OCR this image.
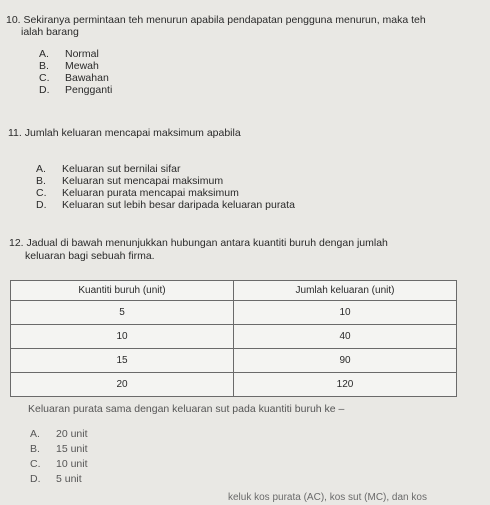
10. Sekiranya permintaan teh menurun apabila pendapatan pengguna menurun, maka teh
ialah barang
A. Normal
B. Mewah
C. Bawahan
D. Pengganti
11. Jumlah keluaran mencapai maksimum apabila
A. Keluaran sut bernilai sifar
B. Keluaran sut mencapai maksimum
C. Keluaran purata mencapai maksimum
D. Keluaran sut lebih besar daripada keluaran purata
12. Jadual di bawah menunjukkan hubungan antara kuantiti buruh dengan jumlah
keluaran bagi sebuah firma.
Kuantiti buruh (unit)	Jumlah keluaran (unit)
5	10
10	40
15	90
20	120
Keluaran purata sama dengan keluaran sut pada kuantiti buruh ke –
A. 20 unit
B. 15 unit
C. 10 unit
D. 5 unit
keluk kos purata (AC), kos sut (MC), dan kos
